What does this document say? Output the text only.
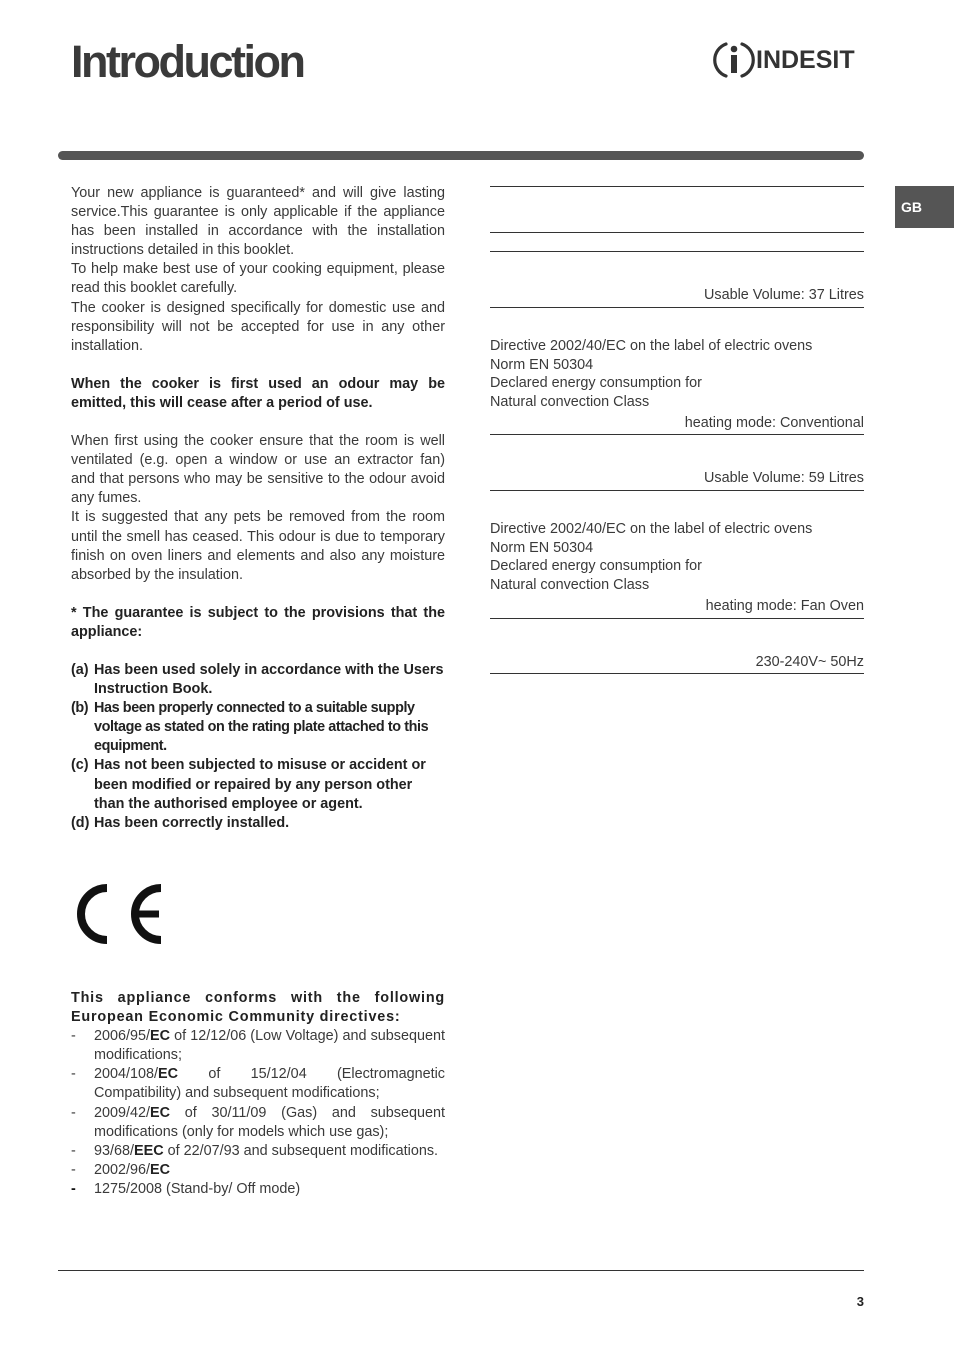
Introduction	INDESIT
GB

Your new appliance is guaranteed* and will give lasting service.This guarantee is only applicable if the appliance has been installed in accordance with the installation instructions detailed in this booklet.

To help make best use of your cooking equipment, please read this booklet carefully.

The cooker is designed specifically for domestic use and responsibility will not be accepted for use in any other installation.

When the cooker is first used an odour may be emitted, this will cease after a period of use.

When first using the cooker ensure that the room is well ventilated (e.g. open a window or use an extractor fan) and that persons who may be sensitive to the odour avoid any fumes.

It is suggested that any pets be removed from the room until the smell has ceased. This odour is due to temporary finish on oven liners and elements and also any moisture absorbed by the insulation.

* The guarantee is subject to the provisions that the appliance:

(a) Has been used solely in accordance with the Users Instruction Book.
(b) Has been properly connected to a suitable supply voltage as stated on the rating plate attached to this equipment.
(c) Has not been subjected to misuse or accident or been modified or repaired by any person other than the authorised employee or agent.
(d) Has been correctly installed.
This appliance conforms with the following European Economic Community directives:
-	2006/95/EC of 12/12/06 (Low Voltage) and subsequent modifications;
-	2004/108/EC of 15/12/04 (Electromagnetic Compatibility) and subsequent modifications;
-	2009/42/EC of 30/11/09 (Gas) and subsequent modifications (only for models which use gas);
-	93/68/EEC of 22/07/93 and subsequent modifications.
-	2002/96/EC
-	1275/2008 (Stand-by/ Off mode)
Usable Volume: 37 Litres
Directive 2002/40/EC on the label of electric ovens
Norm EN 50304
Declared energy consumption for
Natural convection Class
heating mode: Conventional
Usable Volume: 59 Litres
Directive 2002/40/EC on the label of electric ovens
Norm EN 50304
Declared energy consumption for
Natural convection Class
heating mode: Fan Oven
230-240V~ 50Hz
3
